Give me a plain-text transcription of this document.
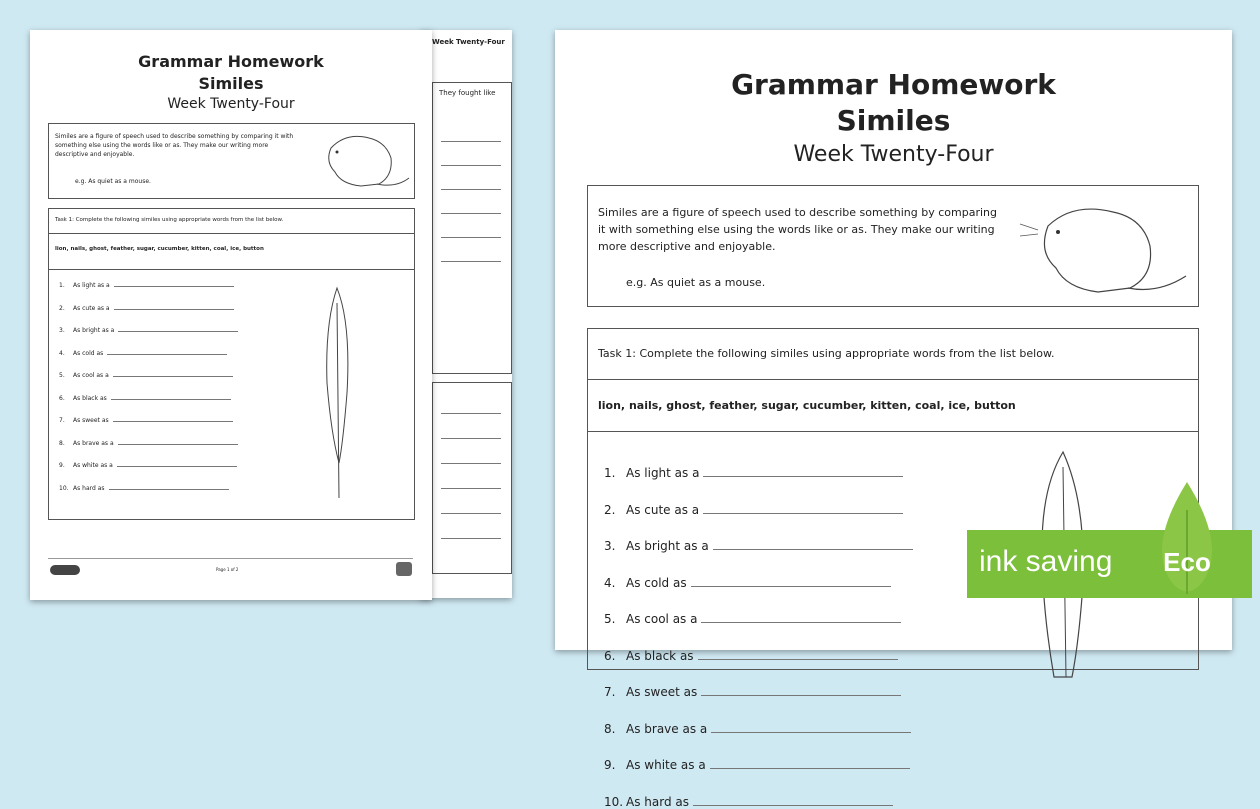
Week Twenty-Four
They fought like
Grammar Homework
Similes
Week Twenty-Four
Similes are a figure of speech used to describe something by comparing it with something else using the words like or as. They make our writing more descriptive and enjoyable.
e.g. As quiet as a mouse.
Task 1: Complete the following similes using appropriate words from the list below.
lion, nails, ghost, feather, sugar, cucumber, kitten, coal, ice, button
1. As light as a
2. As cute as a
3. As bright as a
4. As cold as
5. As cool as a
6. As black as
7. As sweet as
8. As brave as a
9. As white as a
10. As hard as
Page 1 of 2
Grammar Homework
Similes
Week Twenty-Four
Similes are a figure of speech used to describe something by comparing it with something else using the words like or as. They make our writing more descriptive and enjoyable.
e.g. As quiet as a mouse.
Task 1: Complete the following similes using appropriate words from the list below.
lion, nails, ghost, feather, sugar, cucumber, kitten, coal, ice, button
1. As light as a
2. As cute as a
3. As bright as a
4. As cold as
5. As cool as a
6. As black as
7. As sweet as
8. As brave as a
9. As white as a
10. As hard as
ink saving Eco
